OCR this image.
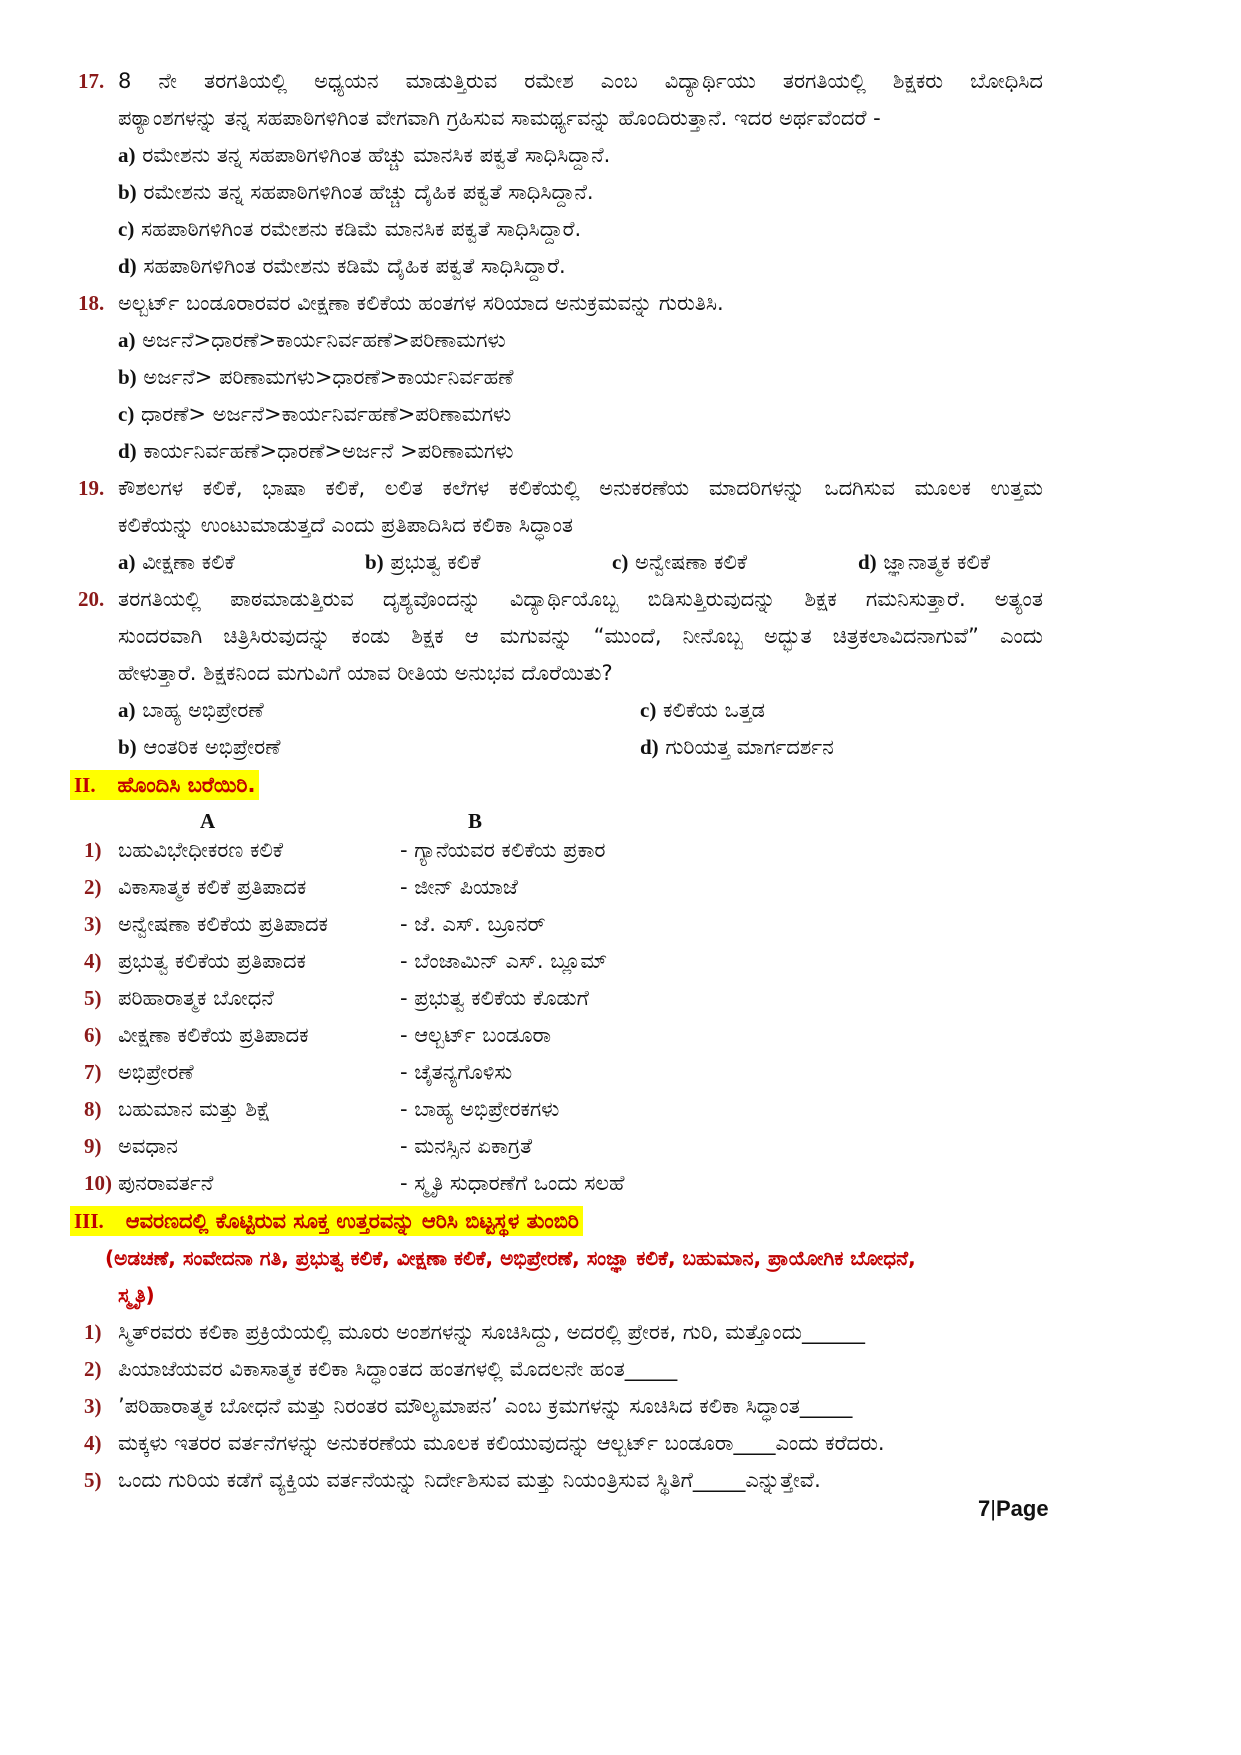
17. 8 ನೇ ತರಗತಿಯಲ್ಲಿ ಅಧ್ಯಯನ ಮಾಡುತ್ತಿರುವ ರಮೇಶ ಎಂಬ ವಿದ್ಯಾರ್ಥಿಯು ತರಗತಿಯಲ್ಲಿ ಶಿಕ್ಷಕರು ಬೋಧಿಸಿದ
ಪಠ್ಯಾಂಶಗಳನ್ನು ತನ್ನ ಸಹಪಾಠಿಗಳಿಗಿಂತ ವೇಗವಾಗಿ ಗ್ರಹಿಸುವ ಸಾಮರ್ಥ್ಯವನ್ನು ಹೊಂದಿರುತ್ತಾನೆ. ಇದರ ಅರ್ಥವೆಂದರೆ -
a) ರಮೇಶನು ತನ್ನ ಸಹಪಾಠಿಗಳಿಗಿಂತ ಹೆಚ್ಚು ಮಾನಸಿಕ ಪಕ್ವತೆ ಸಾಧಿಸಿದ್ದಾನೆ.
b) ರಮೇಶನು ತನ್ನ ಸಹಪಾಠಿಗಳಿಗಿಂತ ಹೆಚ್ಚು ದೈಹಿಕ ಪಕ್ವತೆ ಸಾಧಿಸಿದ್ದಾನೆ.
c) ಸಹಪಾಠಿಗಳಿಗಿಂತ ರಮೇಶನು ಕಡಿಮೆ ಮಾನಸಿಕ ಪಕ್ವತೆ ಸಾಧಿಸಿದ್ದಾರೆ.
d) ಸಹಪಾಠಿಗಳಿಗಿಂತ ರಮೇಶನು ಕಡಿಮೆ ದೈಹಿಕ ಪಕ್ವತೆ ಸಾಧಿಸಿದ್ದಾರೆ.
18. ಅಲ್ಬರ್ಟ್ ಬಂಡೂರಾರವರ ವೀಕ್ಷಣಾ ಕಲಿಕೆಯ ಹಂತಗಳ ಸರಿಯಾದ ಅನುಕ್ರಮವನ್ನು ಗುರುತಿಸಿ.
a) ಅರ್ಜನೆ>ಧಾರಣೆ>ಕಾರ್ಯನಿರ್ವಹಣೆ>ಪರಿಣಾಮಗಳು
b) ಅರ್ಜನೆ> ಪರಿಣಾಮಗಳು>ಧಾರಣೆ>ಕಾರ್ಯನಿರ್ವಹಣೆ
c) ಧಾರಣೆ> ಅರ್ಜನೆ>ಕಾರ್ಯನಿರ್ವಹಣೆ>ಪರಿಣಾಮಗಳು
d) ಕಾರ್ಯನಿರ್ವಹಣೆ>ಧಾರಣೆ>ಅರ್ಜನೆ >ಪರಿಣಾಮಗಳು
19. ಕೌಶಲಗಳ ಕಲಿಕೆ, ಭಾಷಾ ಕಲಿಕೆ, ಲಲಿತ ಕಲೆಗಳ ಕಲಿಕೆಯಲ್ಲಿ ಅನುಕರಣೆಯ ಮಾದರಿಗಳನ್ನು ಒದಗಿಸುವ ಮೂಲಕ ಉತ್ತಮ
ಕಲಿಕೆಯನ್ನು ಉಂಟುಮಾಡುತ್ತದೆ ಎಂದು ಪ್ರತಿಪಾದಿಸಿದ ಕಲಿಕಾ ಸಿದ್ಧಾಂತ
a) ವೀಕ್ಷಣಾ ಕಲಿಕೆ	b) ಪ್ರಭುತ್ವ ಕಲಿಕೆ	c) ಅನ್ವೇಷಣಾ ಕಲಿಕೆ	d) ಜ್ಞಾನಾತ್ಮಕ ಕಲಿಕೆ
20. ತರಗತಿಯಲ್ಲಿ ಪಾಠಮಾಡುತ್ತಿರುವ ದೃಶ್ಯವೊಂದನ್ನು ವಿದ್ಯಾರ್ಥಿಯೊಬ್ಬ ಬಿಡಿಸುತ್ತಿರುವುದನ್ನು ಶಿಕ್ಷಕ ಗಮನಿಸುತ್ತಾರೆ. ಅತ್ಯಂತ
ಸುಂದರವಾಗಿ ಚಿತ್ರಿಸಿರುವುದನ್ನು ಕಂಡು ಶಿಕ್ಷಕ ಆ ಮಗುವನ್ನು “ಮುಂದೆ, ನೀನೊಬ್ಬ ಅದ್ಭುತ ಚಿತ್ರಕಲಾವಿದನಾಗುವೆ” ಎಂದು
ಹೇಳುತ್ತಾರೆ. ಶಿಕ್ಷಕನಿಂದ ಮಗುವಿಗೆ ಯಾವ ರೀತಿಯ ಅನುಭವ ದೊರೆಯಿತು?
a) ಬಾಹ್ಯ ಅಭಿಪ್ರೇರಣೆ	c) ಕಲಿಕೆಯ ಒತ್ತಡ
b) ಆಂತರಿಕ ಅಭಿಪ್ರೇರಣೆ	d) ಗುರಿಯತ್ತ ಮಾರ್ಗದರ್ಶನ
II. ಹೊಂದಿಸಿ ಬರೆಯಿರಿ.
A	B
1) ಬಹುವಿಭೇಧೀಕರಣ ಕಲಿಕೆ	- ಗ್ಯಾನೆಯವರ ಕಲಿಕೆಯ ಪ್ರಕಾರ
2) ವಿಕಾಸಾತ್ಮಕ ಕಲಿಕೆ ಪ್ರತಿಪಾದಕ	- ಜೀನ್ ಪಿಯಾಜೆ
3) ಅನ್ವೇಷಣಾ ಕಲಿಕೆಯ ಪ್ರತಿಪಾದಕ	- ಜೆ. ಎಸ್. ಬ್ರೂನರ್
4) ಪ್ರಭುತ್ವ ಕಲಿಕೆಯ ಪ್ರತಿಪಾದಕ	- ಬೆಂಜಾಮಿನ್ ಎಸ್. ಬ್ಲೂಮ್
5) ಪರಿಹಾರಾತ್ಮಕ ಬೋಧನೆ	- ಪ್ರಭುತ್ವ ಕಲಿಕೆಯ ಕೊಡುಗೆ
6) ವೀಕ್ಷಣಾ ಕಲಿಕೆಯ ಪ್ರತಿಪಾದಕ	- ಆಲ್ಬರ್ಟ್ ಬಂಡೂರಾ
7) ಅಭಿಪ್ರೇರಣೆ	- ಚೈತನ್ಯಗೊಳಿಸು
8) ಬಹುಮಾನ ಮತ್ತು ಶಿಕ್ಷೆ	- ಬಾಹ್ಯ ಅಭಿಪ್ರೇರಕಗಳು
9) ಅವಧಾನ	- ಮನಸ್ಸಿನ ಏಕಾಗ್ರತೆ
10) ಪುನರಾವರ್ತನೆ	- ಸ್ಮೃತಿ ಸುಧಾರಣೆಗೆ ಒಂದು ಸಲಹೆ
III. ಆವರಣದಲ್ಲಿ ಕೊಟ್ಟಿರುವ ಸೂಕ್ತ ಉತ್ತರವನ್ನು ಆರಿಸಿ ಬಿಟ್ಟಸ್ಥಳ ತುಂಬಿರಿ
(ಅಡಚಣೆ, ಸಂವೇದನಾ ಗತಿ, ಪ್ರಭುತ್ವ ಕಲಿಕೆ, ವೀಕ್ಷಣಾ ಕಲಿಕೆ, ಅಭಿಪ್ರೇರಣೆ, ಸಂಜ್ಞಾ ಕಲಿಕೆ, ಬಹುಮಾನ, ಪ್ರಾಯೋಗಿಕ ಬೋಧನೆ,
ಸ್ಮೃತಿ)
1) ಸ್ಮಿತ್‌ರವರು ಕಲಿಕಾ ಪ್ರಕ್ರಿಯೆಯಲ್ಲಿ ಮೂರು ಅಂಶಗಳನ್ನು ಸೂಚಿಸಿದ್ದು, ಅದರಲ್ಲಿ ಪ್ರೇರಕ, ಗುರಿ, ಮತ್ತೊಂದು______
2) ಪಿಯಾಜೆಯವರ ವಿಕಾಸಾತ್ಮಕ ಕಲಿಕಾ ಸಿದ್ಧಾಂತದ ಹಂತಗಳಲ್ಲಿ ಮೊದಲನೇ ಹಂತ_____
3) ’ಪರಿಹಾರಾತ್ಮಕ ಬೋಧನೆ ಮತ್ತು ನಿರಂತರ ಮೌಲ್ಯಮಾಪನ’ ಎಂಬ ಕ್ರಮಗಳನ್ನು ಸೂಚಿಸಿದ ಕಲಿಕಾ ಸಿದ್ಧಾಂತ_____
4) ಮಕ್ಕಳು ಇತರರ ವರ್ತನೆಗಳನ್ನು ಅನುಕರಣೆಯ ಮೂಲಕ ಕಲಿಯುವುದನ್ನು ಆಲ್ಬರ್ಟ್ ಬಂಡೂರಾ____ಎಂದು ಕರೆದರು.
5) ಒಂದು ಗುರಿಯ ಕಡೆಗೆ ವ್ಯಕ್ತಿಯ ವರ್ತನೆಯನ್ನು ನಿರ್ದೇಶಿಸುವ ಮತ್ತು ನಿಯಂತ್ರಿಸುವ ಸ್ಥಿತಿಗೆ_____ಎನ್ನುತ್ತೇವೆ.
7|Page
